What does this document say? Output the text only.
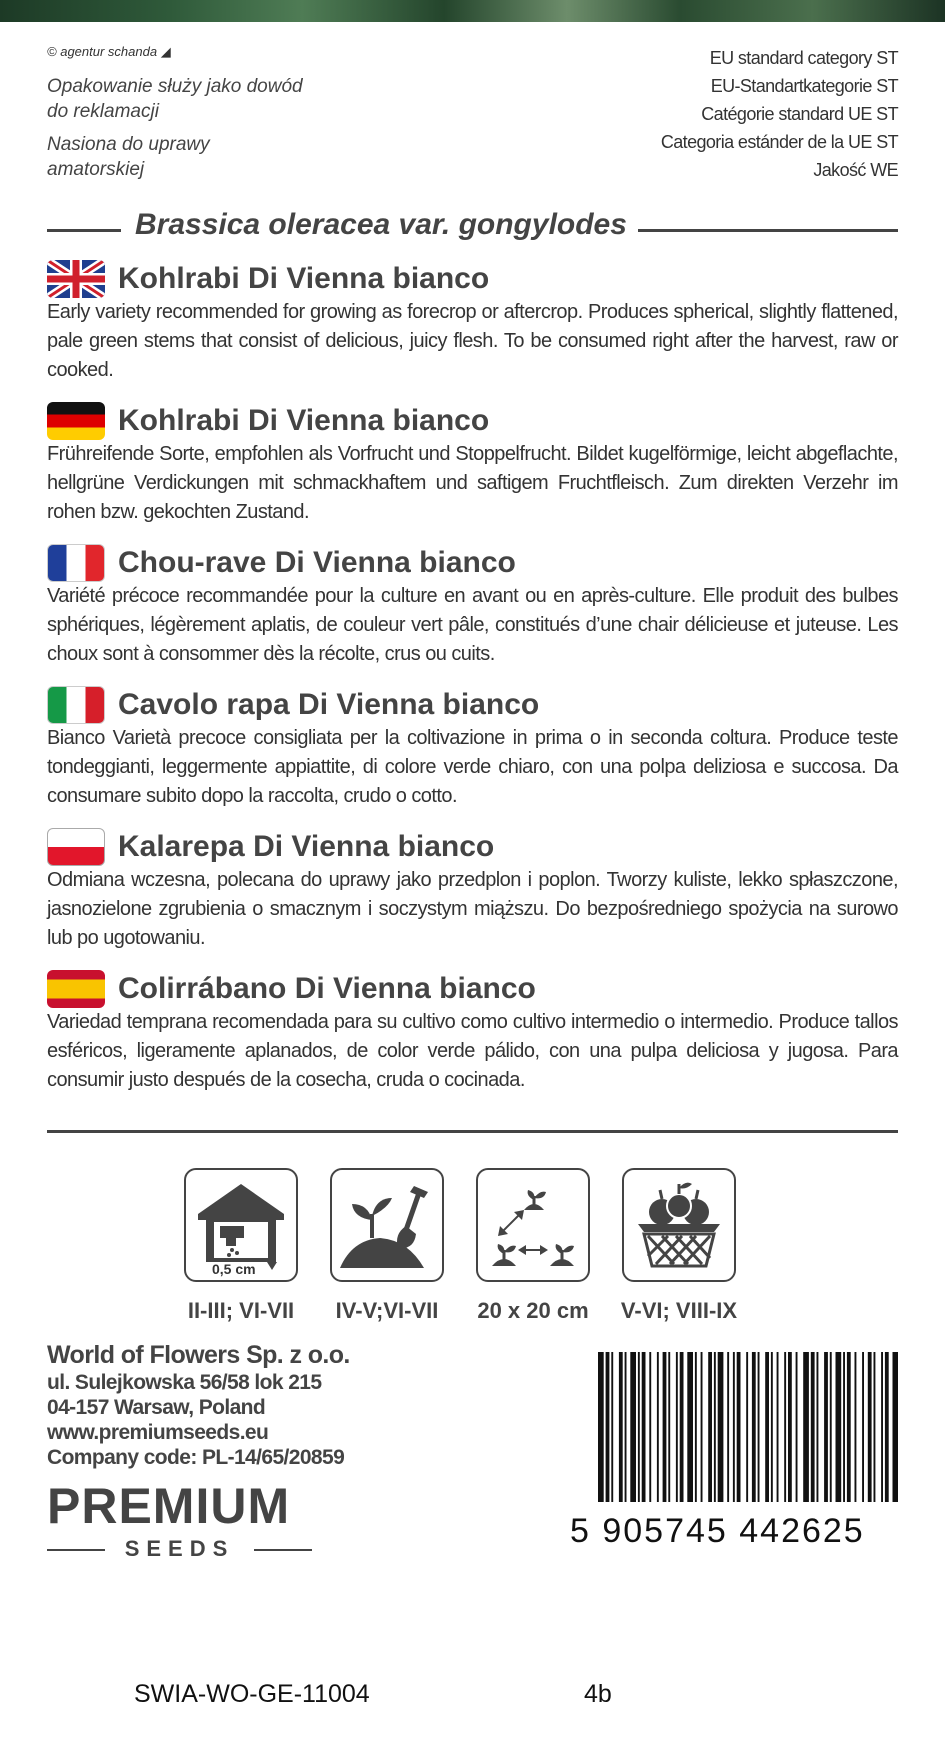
© agentur schanda ◢
Opakowanie służy jako dowód do reklamacji
Nasiona do uprawy amatorskiej
EU standard category ST
EU-Standartkategorie ST
Catégorie standard UE ST
Categoria estánder de la UE ST
Jakość WE
Brassica oleracea var. gongylodes
Kohlrabi Di Vienna bianco
Early variety recommended for growing as forecrop or aftercrop. Produces spherical, slightly flattened, pale green stems that consist of delicious, juicy flesh. To be consumed right after the harvest, raw or cooked.
Kohlrabi Di Vienna bianco
Frühreifende Sorte, empfohlen als Vorfrucht und Stoppelfrucht. Bildet kugelförmige, leicht abgeflachte, hellgrüne Verdickungen mit schmackhaftem und saftigem Fruchtfleisch. Zum direkten Verzehr im rohen bzw. gekochten Zustand.
Chou-rave Di Vienna bianco
Variété précoce recommandée pour la culture en avant ou en après-culture. Elle produit des bulbes sphériques, légèrement aplatis, de couleur vert pâle, constitués d’une chair délicieuse et juteuse. Les choux sont à consommer dès la récolte, crus ou cuits.
Cavolo rapa Di Vienna bianco
Bianco Varietà precoce consigliata per la coltivazione in prima o in seconda coltura. Produce teste tondeggianti, leggermente appiattite, di colore verde chiaro, con una polpa deliziosa e succosa. Da consumare subito dopo la raccolta, crudo o cotto.
Kalarepa Di Vienna bianco
Odmiana wczesna, polecana do uprawy jako przedplon i poplon. Tworzy kuliste, lekko spłaszczone, jasnozielone zgrubienia o smacznym i soczystym miąższu. Do bezpośredniego spożycia na surowo lub po ugotowaniu.
Colirrábano Di Vienna bianco
Variedad temprana recomendada para su cultivo como cultivo intermedio o intermedio. Produce tallos esféricos, ligeramente aplanados, de color verde pálido, con una pulpa deliciosa y jugosa. Para consumir justo después de la cosecha, cruda o cocinada.
0,5 cm
II-III; VI-VII	IV-V;VI-VII	20 x 20 cm	V-VI; VIII-IX
World of Flowers Sp. z o.o.
ul. Sulejkowska 56/58 lok 215
04-157 Warsaw, Poland
www.premiumseeds.eu
Company code: PL-14/65/20859
PREMIUM
SEEDS	5 905745 442625
SWIA-WO-GE-11004	4b
